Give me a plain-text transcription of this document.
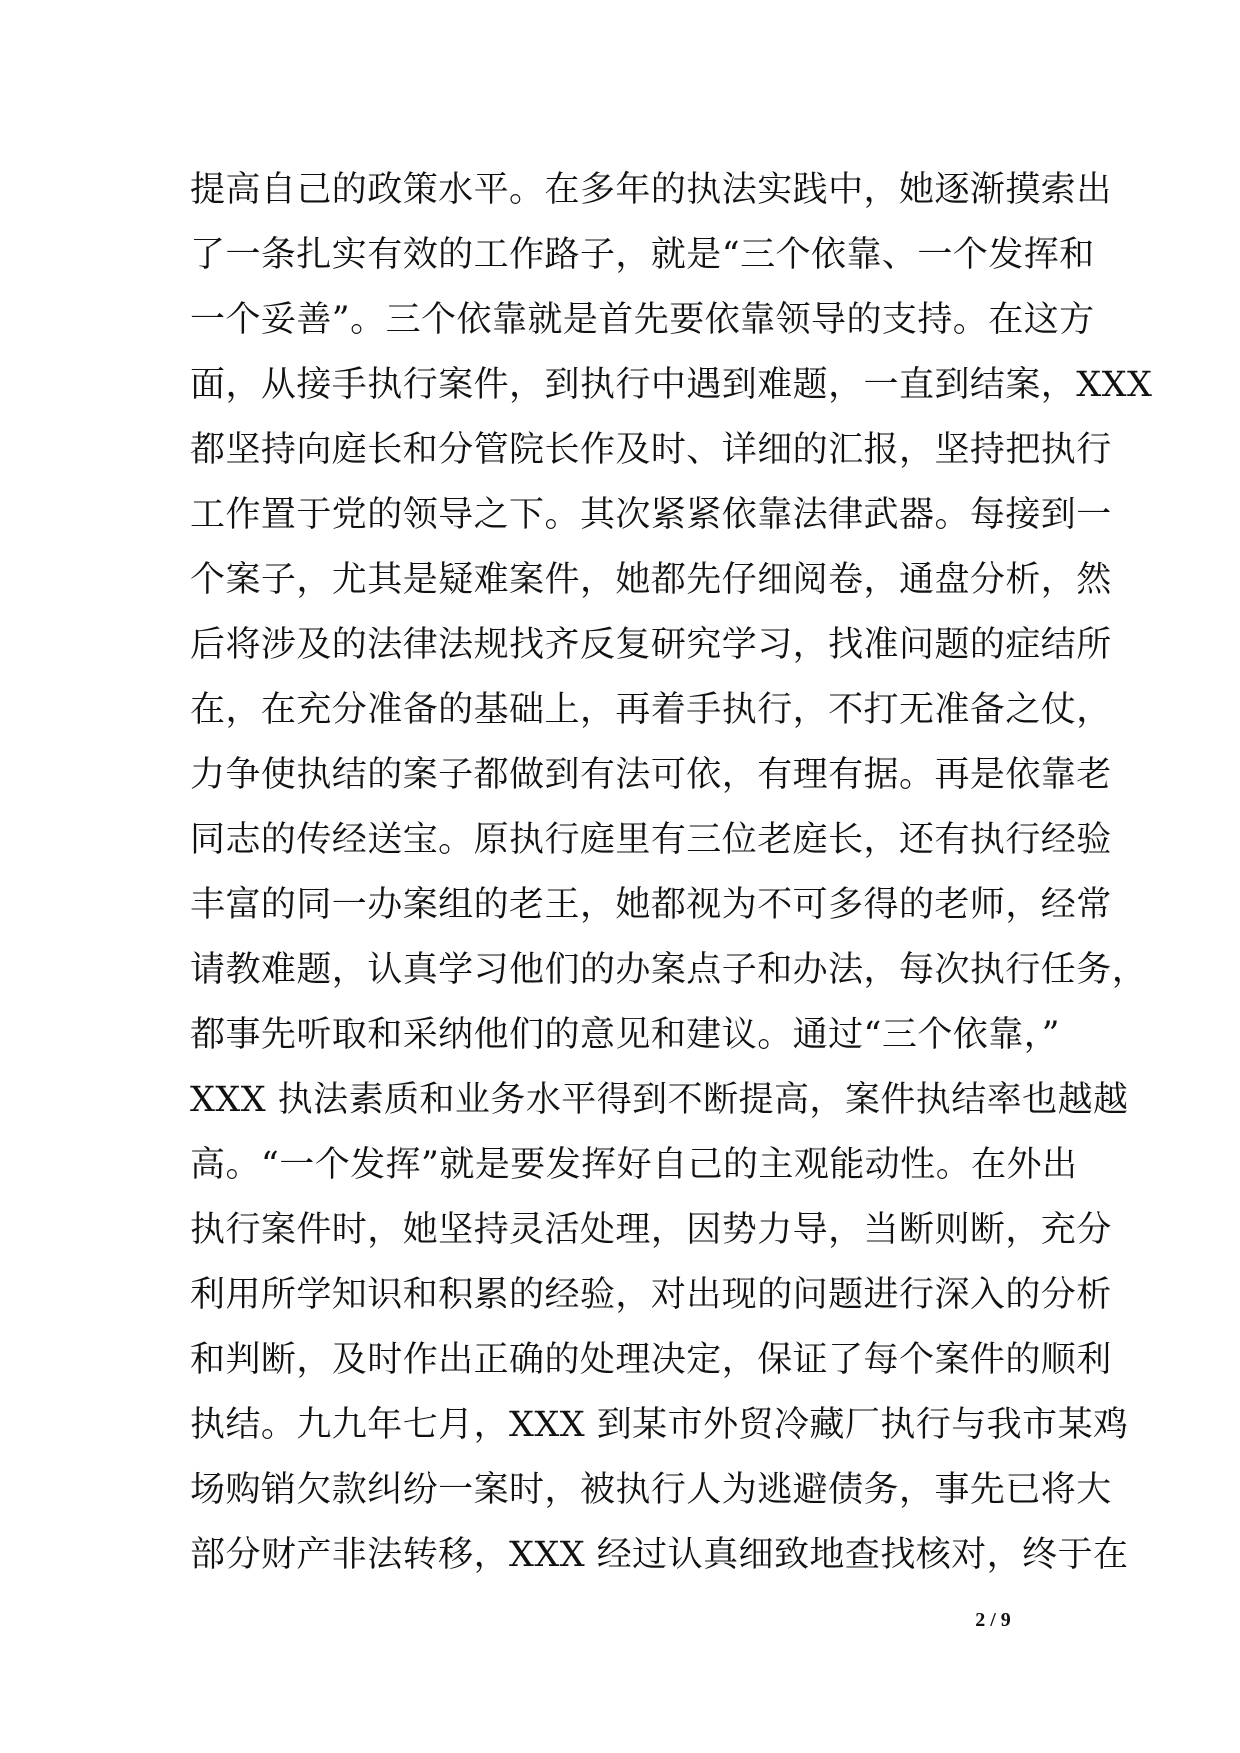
提高自己的政策水平。在多年的执法实践中，她逐渐摸索出
了一条扎实有效的工作路子，就是“三个依靠、一个发挥和
一个妥善”。三个依靠就是首先要依靠领导的支持。在这方
面，从接手执行案件，到执行中遇到难题，一直到结案，XXX
都坚持向庭长和分管院长作及时、详细的汇报，坚持把执行
工作置于党的领导之下。其次紧紧依靠法律武器。每接到一
个案子，尤其是疑难案件，她都先仔细阅卷，通盘分析，然
后将涉及的法律法规找齐反复研究学习，找准问题的症结所
在，在充分准备的基础上，再着手执行，不打无准备之仗，
力争使执结的案子都做到有法可依，有理有据。再是依靠老
同志的传经送宝。原执行庭里有三位老庭长，还有执行经验
丰富的同一办案组的老王，她都视为不可多得的老师，经常
请教难题，认真学习他们的办案点子和办法，每次执行任务，
都事先听取和采纳他们的意见和建议。通过“三个依靠，”
XXX 执法素质和业务水平得到不断提高，案件执结率也越越
高。“一个发挥”就是要发挥好自己的主观能动性。在外出
执行案件时，她坚持灵活处理，因势力导，当断则断，充分
利用所学知识和积累的经验，对出现的问题进行深入的分析
和判断，及时作出正确的处理决定，保证了每个案件的顺利
执结。九九年七月，XXX 到某市外贸冷藏厂执行与我市某鸡
场购销欠款纠纷一案时，被执行人为逃避债务，事先已将大
部分财产非法转移，XXX 经过认真细致地查找核对，终于在
2 / 9
